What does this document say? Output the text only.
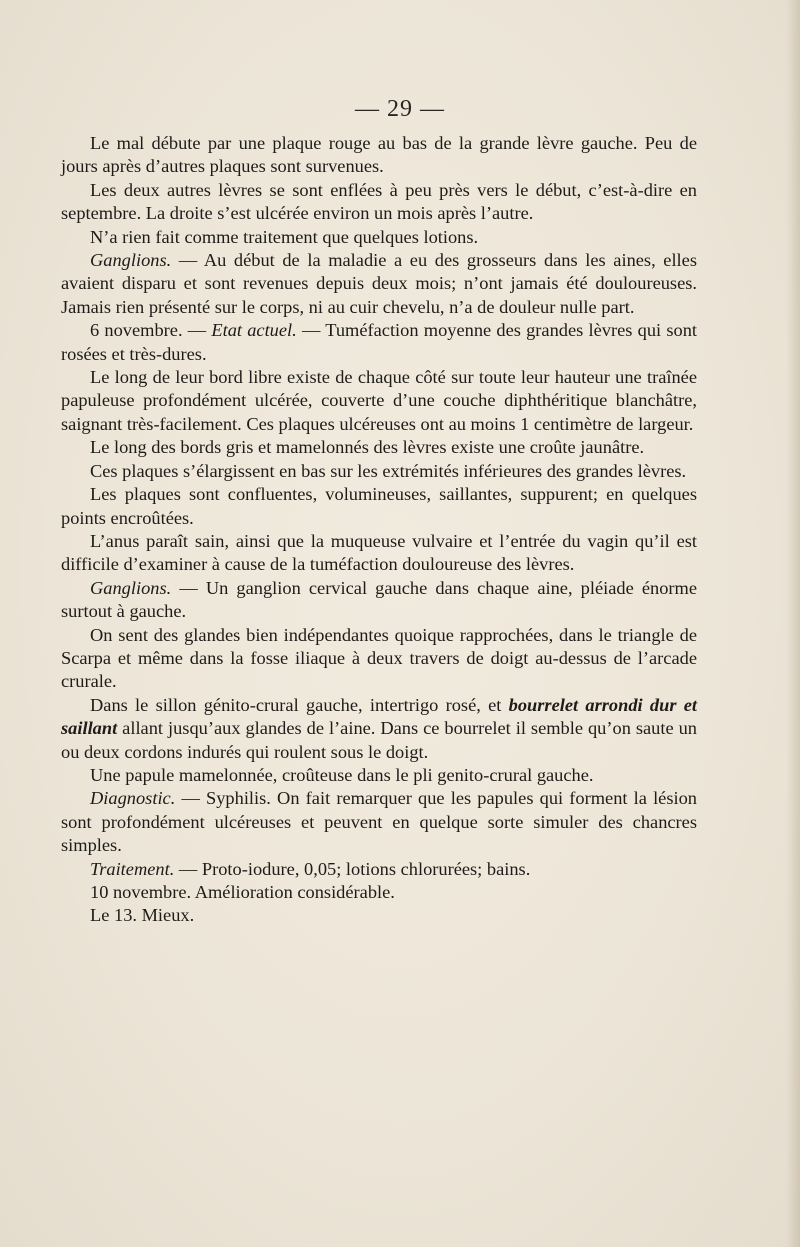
— 29 —

Le mal débute par une plaque rouge au bas de la grande lèvre gauche. Peu de jours après d’autres plaques sont survenues.

Les deux autres lèvres se sont enflées à peu près vers le début, c’est-à-dire en septembre. La droite s’est ulcérée environ un mois après l’autre.

N’a rien fait comme traitement que quelques lotions.

Ganglions. — Au début de la maladie a eu des grosseurs dans les aines, elles avaient disparu et sont revenues depuis deux mois; n’ont jamais été douloureuses. Jamais rien présenté sur le corps, ni au cuir chevelu, n’a de douleur nulle part.

6 novembre. — Etat actuel. — Tuméfaction moyenne des grandes lèvres qui sont rosées et très-dures.

Le long de leur bord libre existe de chaque côté sur toute leur hauteur une traînée papuleuse profondément ulcérée, couverte d’une couche diphthéritique blanchâtre, saignant très-facilement. Ces plaques ulcéreuses ont au moins 1 centimètre de largeur.

Le long des bords gris et mamelonnés des lèvres existe une croûte jaunâtre.

Ces plaques s’élargissent en bas sur les extrémités inférieures des grandes lèvres.

Les plaques sont confluentes, volumineuses, saillantes, suppurent; en quelques points encroûtées.

L’anus paraît sain, ainsi que la muqueuse vulvaire et l’entrée du vagin qu’il est difficile d’examiner à cause de la tuméfaction douloureuse des lèvres.

Ganglions. — Un ganglion cervical gauche dans chaque aine, pléiade énorme surtout à gauche.

On sent des glandes bien indépendantes quoique rapprochées, dans le triangle de Scarpa et même dans la fosse iliaque à deux travers de doigt au-dessus de l’arcade crurale.

Dans le sillon génito-crural gauche, intertrigo rosé, et bourrelet arrondi dur et saillant allant jusqu’aux glandes de l’aine. Dans ce bourrelet il semble qu’on saute un ou deux cordons indurés qui roulent sous le doigt.

Une papule mamelonnée, croûteuse dans le pli genito-crural gauche.

Diagnostic. — Syphilis. On fait remarquer que les papules qui forment la lésion sont profondément ulcéreuses et peuvent en quelque sorte simuler des chancres simples.

Traitement. — Proto-iodure, 0,05; lotions chlorurées; bains.

10 novembre. Amélioration considérable.

Le 13. Mieux.
